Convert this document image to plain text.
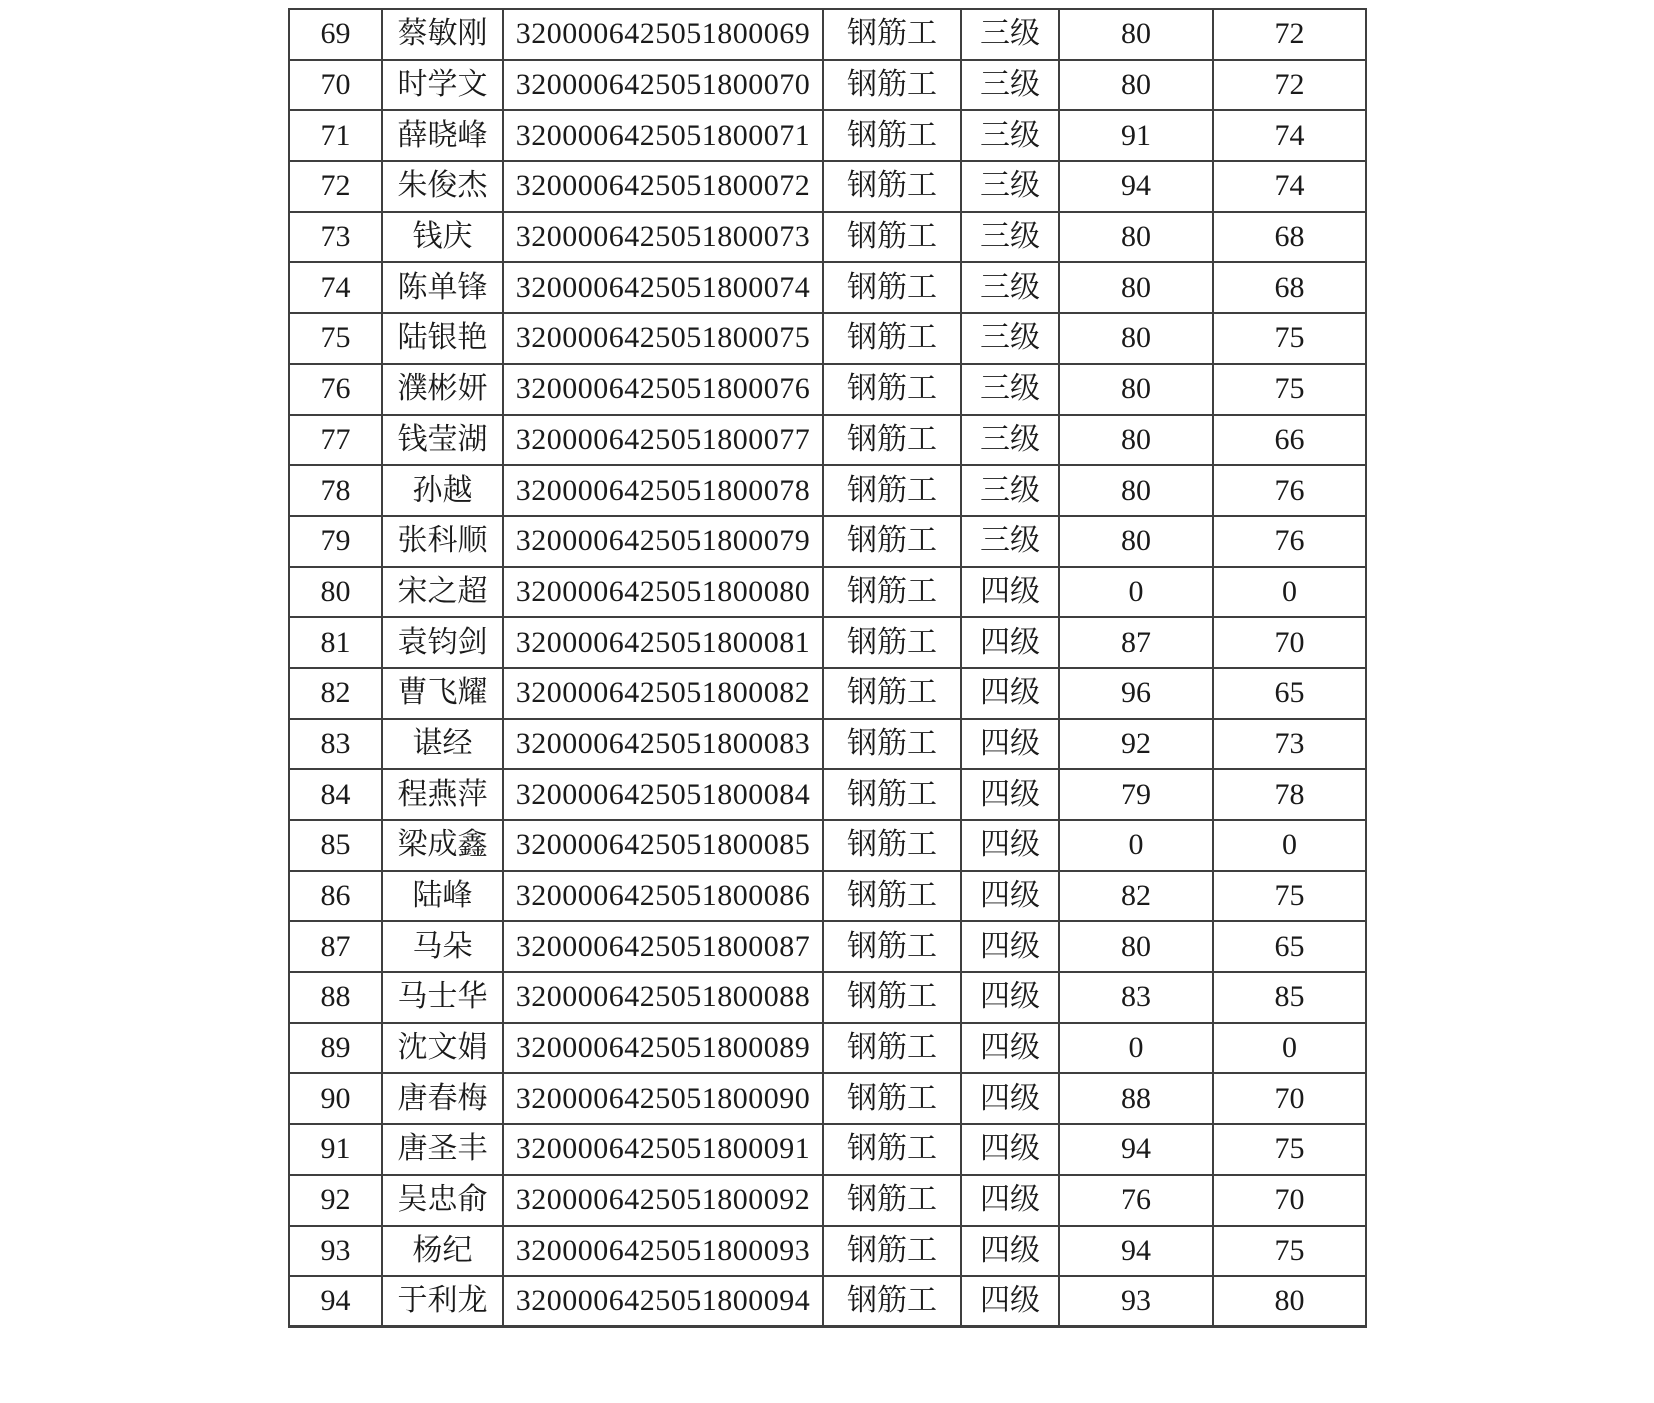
69	蔡敏刚	3200006425051800069	钢筋工	三级	80	72
70	时学文	3200006425051800070	钢筋工	三级	80	72
71	薛晓峰	3200006425051800071	钢筋工	三级	91	74
72	朱俊杰	3200006425051800072	钢筋工	三级	94	74
73	钱庆	3200006425051800073	钢筋工	三级	80	68
74	陈单锋	3200006425051800074	钢筋工	三级	80	68
75	陆银艳	3200006425051800075	钢筋工	三级	80	75
76	濮彬妍	3200006425051800076	钢筋工	三级	80	75
77	钱莹湖	3200006425051800077	钢筋工	三级	80	66
78	孙越	3200006425051800078	钢筋工	三级	80	76
79	张科顺	3200006425051800079	钢筋工	三级	80	76
80	宋之超	3200006425051800080	钢筋工	四级	0	0
81	袁钧剑	3200006425051800081	钢筋工	四级	87	70
82	曹飞耀	3200006425051800082	钢筋工	四级	96	65
83	谌经	3200006425051800083	钢筋工	四级	92	73
84	程燕萍	3200006425051800084	钢筋工	四级	79	78
85	梁成鑫	3200006425051800085	钢筋工	四级	0	0
86	陆峰	3200006425051800086	钢筋工	四级	82	75
87	马朵	3200006425051800087	钢筋工	四级	80	65
88	马士华	3200006425051800088	钢筋工	四级	83	85
89	沈文娟	3200006425051800089	钢筋工	四级	0	0
90	唐春梅	3200006425051800090	钢筋工	四级	88	70
91	唐圣丰	3200006425051800091	钢筋工	四级	94	75
92	吴忠俞	3200006425051800092	钢筋工	四级	76	70
93	杨纪	3200006425051800093	钢筋工	四级	94	75
94	于利龙	3200006425051800094	钢筋工	四级	93	80
